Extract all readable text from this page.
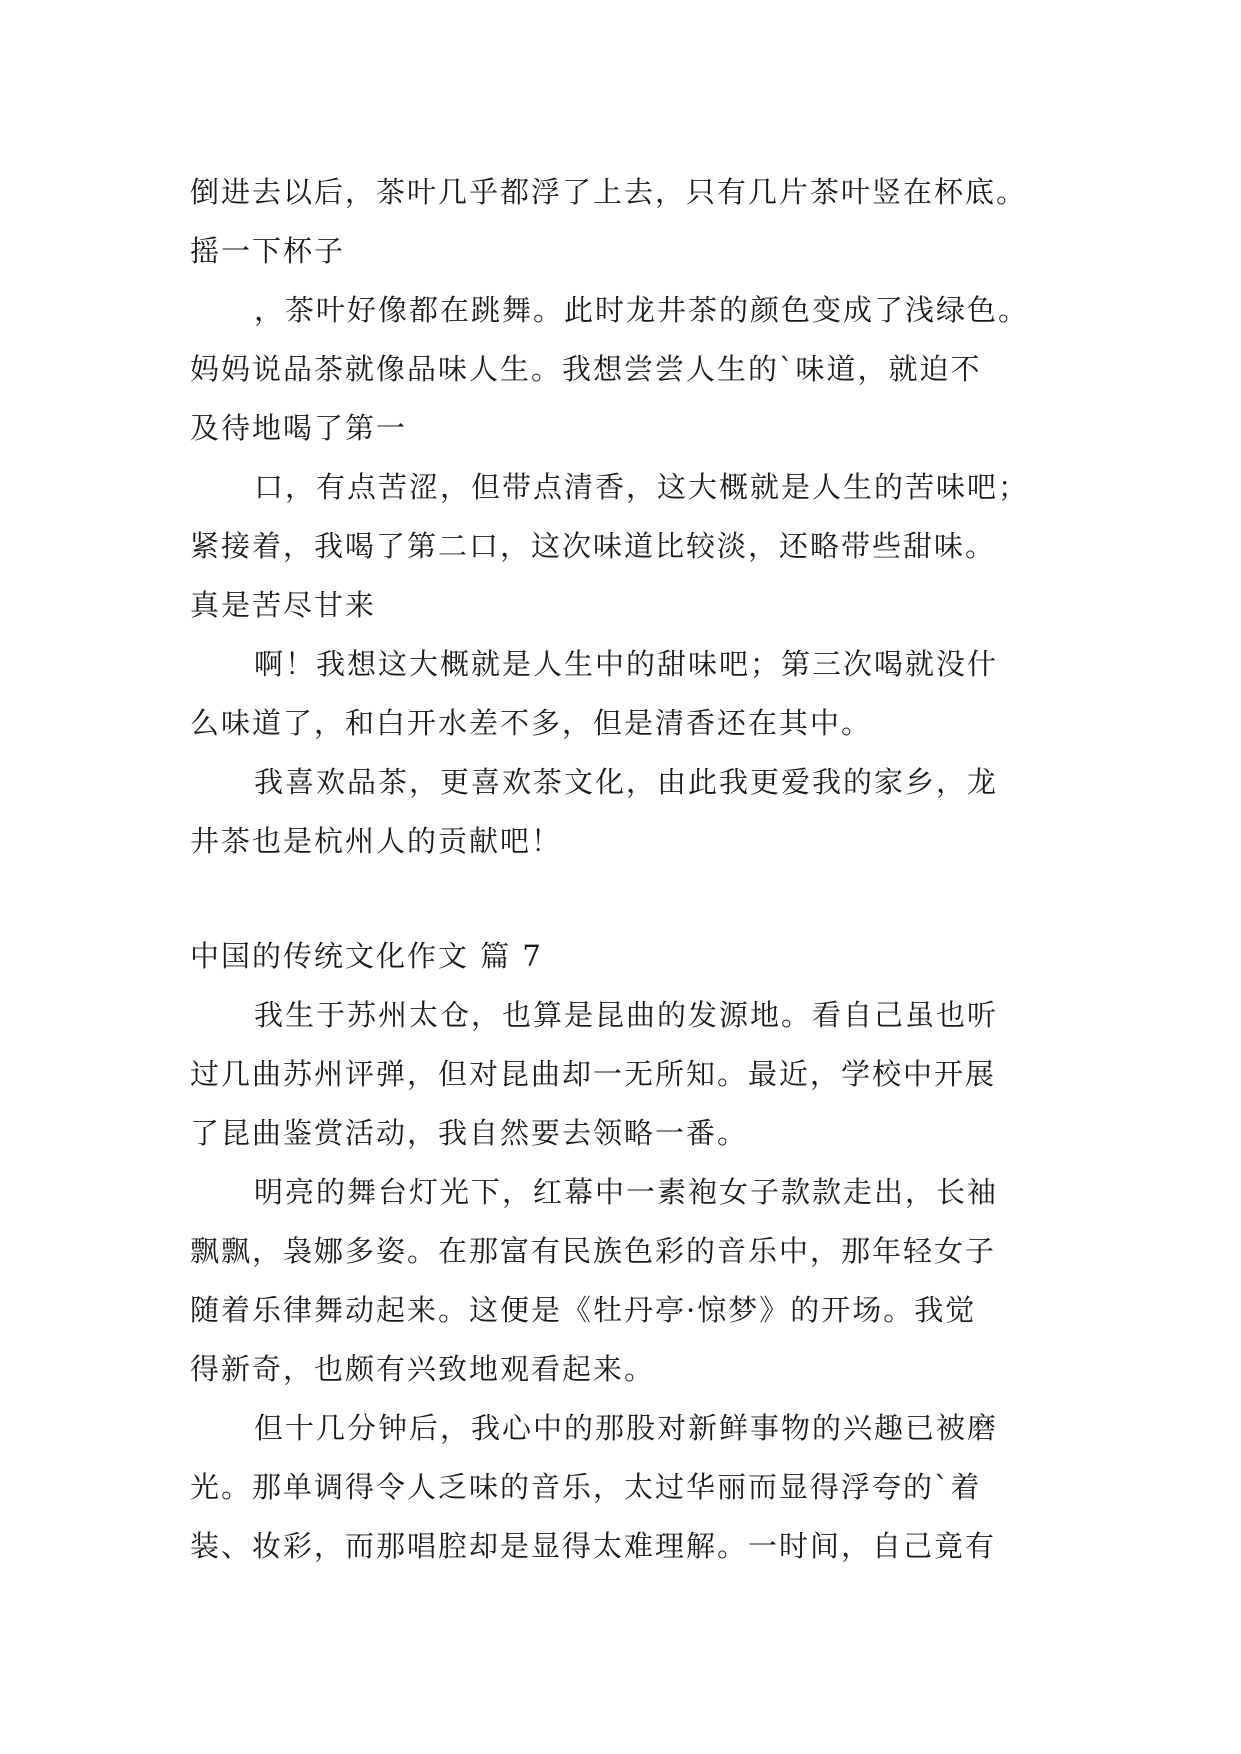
倒进去以后，茶叶几乎都浮了上去，只有几片茶叶竖在杯底。
摇一下杯子
，茶叶好像都在跳舞。此时龙井茶的颜色变成了浅绿色。
妈妈说品茶就像品味人生。我想尝尝人生的`味道，就迫不
及待地喝了第一
口，有点苦涩，但带点清香，这大概就是人生的苦味吧；
紧接着，我喝了第二口，这次味道比较淡，还略带些甜味。
真是苦尽甘来
啊！我想这大概就是人生中的甜味吧；第三次喝就没什
么味道了，和白开水差不多，但是清香还在其中。
我喜欢品茶，更喜欢茶文化，由此我更爱我的家乡，龙
井茶也是杭州人的贡献吧！
中国的传统文化作文 篇 7
我生于苏州太仓，也算是昆曲的发源地。看自己虽也听
过几曲苏州评弹，但对昆曲却一无所知。最近，学校中开展
了昆曲鉴赏活动，我自然要去领略一番。
明亮的舞台灯光下，红幕中一素袍女子款款走出，长袖
飘飘，袅娜多姿。在那富有民族色彩的音乐中，那年轻女子
随着乐律舞动起来。这便是《牡丹亭·惊梦》的开场。我觉
得新奇，也颇有兴致地观看起来。
但十几分钟后，我心中的那股对新鲜事物的兴趣已被磨
光。那单调得令人乏味的音乐，太过华丽而显得浮夸的`着
装、妆彩，而那唱腔却是显得太难理解。一时间，自己竟有
